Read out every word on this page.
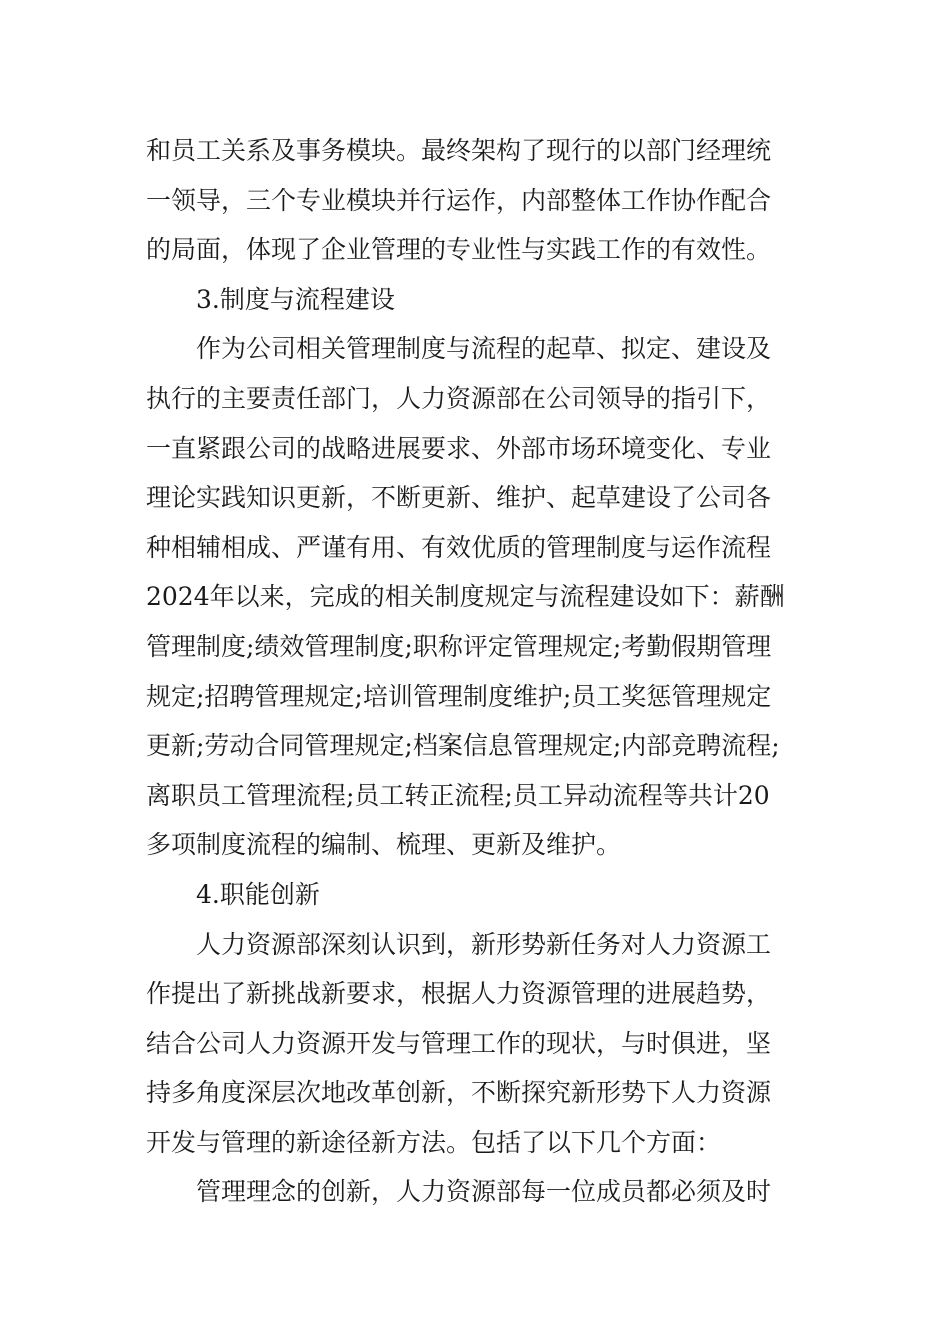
和员工关系及事务模块。最终架构了现行的以部门经理统
一领导，三个专业模块并行运作，内部整体工作协作配合
的局面，体现了企业管理的专业性与实践工作的有效性。
3.制度与流程建设
作为公司相关管理制度与流程的起草、拟定、建设及
执行的主要责任部门，人力资源部在公司领导的指引下，
一直紧跟公司的战略进展要求、外部市场环境变化、专业
理论实践知识更新，不断更新、维护、起草建设了公司各
种相辅相成、严谨有用、有效优质的管理制度与运作流程
2024年以来，完成的相关制度规定与流程建设如下：薪酬
管理制度;绩效管理制度;职称评定管理规定;考勤假期管理
规定;招聘管理规定;培训管理制度维护;员工奖惩管理规定
更新;劳动合同管理规定;档案信息管理规定;内部竞聘流程;
离职员工管理流程;员工转正流程;员工异动流程等共计20
多项制度流程的编制、梳理、更新及维护。
4.职能创新
人力资源部深刻认识到，新形势新任务对人力资源工
作提出了新挑战新要求，根据人力资源管理的进展趋势，
结合公司人力资源开发与管理工作的现状，与时俱进，坚
持多角度深层次地改革创新，不断探究新形势下人力资源
开发与管理的新途径新方法。包括了以下几个方面：
管理理念的创新，人力资源部每一位成员都必须及时
